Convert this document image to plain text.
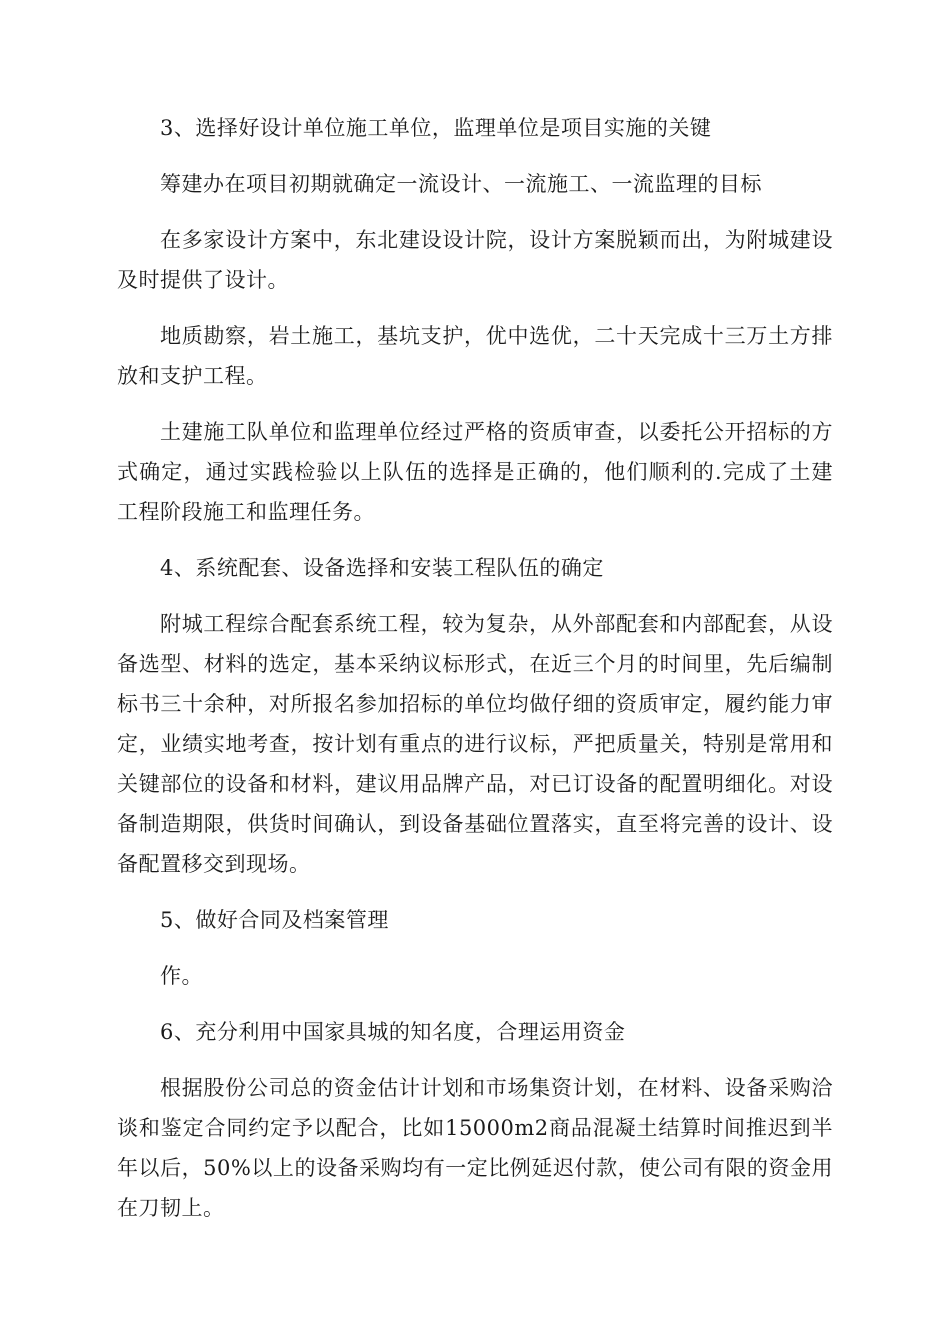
3、选择好设计单位施工单位，监理单位是项目实施的关键

筹建办在项目初期就确定一流设计、一流施工、一流监理的目标

在多家设计方案中，东北建设设计院，设计方案脱颖而出，为附城建设及时提供了设计。

地质勘察，岩土施工，基坑支护，优中选优，二十天完成十三万土方排放和支护工程。

土建施工队单位和监理单位经过严格的资质审查，以委托公开招标的方式确定，通过实践检验以上队伍的选择是正确的，他们顺利的.完成了土建工程阶段施工和监理任务。

4、系统配套、设备选择和安装工程队伍的确定

附城工程综合配套系统工程，较为复杂，从外部配套和内部配套，从设备选型、材料的选定，基本采纳议标形式，在近三个月的时间里，先后编制标书三十余种，对所报名参加招标的单位均做仔细的资质审定，履约能力审定，业绩实地考查，按计划有重点的进行议标，严把质量关，特别是常用和关键部位的设备和材料，建议用品牌产品，对已订设备的配置明细化。对设备制造期限，供货时间确认，到设备基础位置落实，直至将完善的设计、设备配置移交到现场。

5、做好合同及档案管理

作。

6、充分利用中国家具城的知名度，合理运用资金

根据股份公司总的资金估计计划和市场集资计划，在材料、设备采购洽谈和鉴定合同约定予以配合，比如15000m2商品混凝土结算时间推迟到半年以后，50%以上的设备采购均有一定比例延迟付款，使公司有限的资金用在刀韧上。
